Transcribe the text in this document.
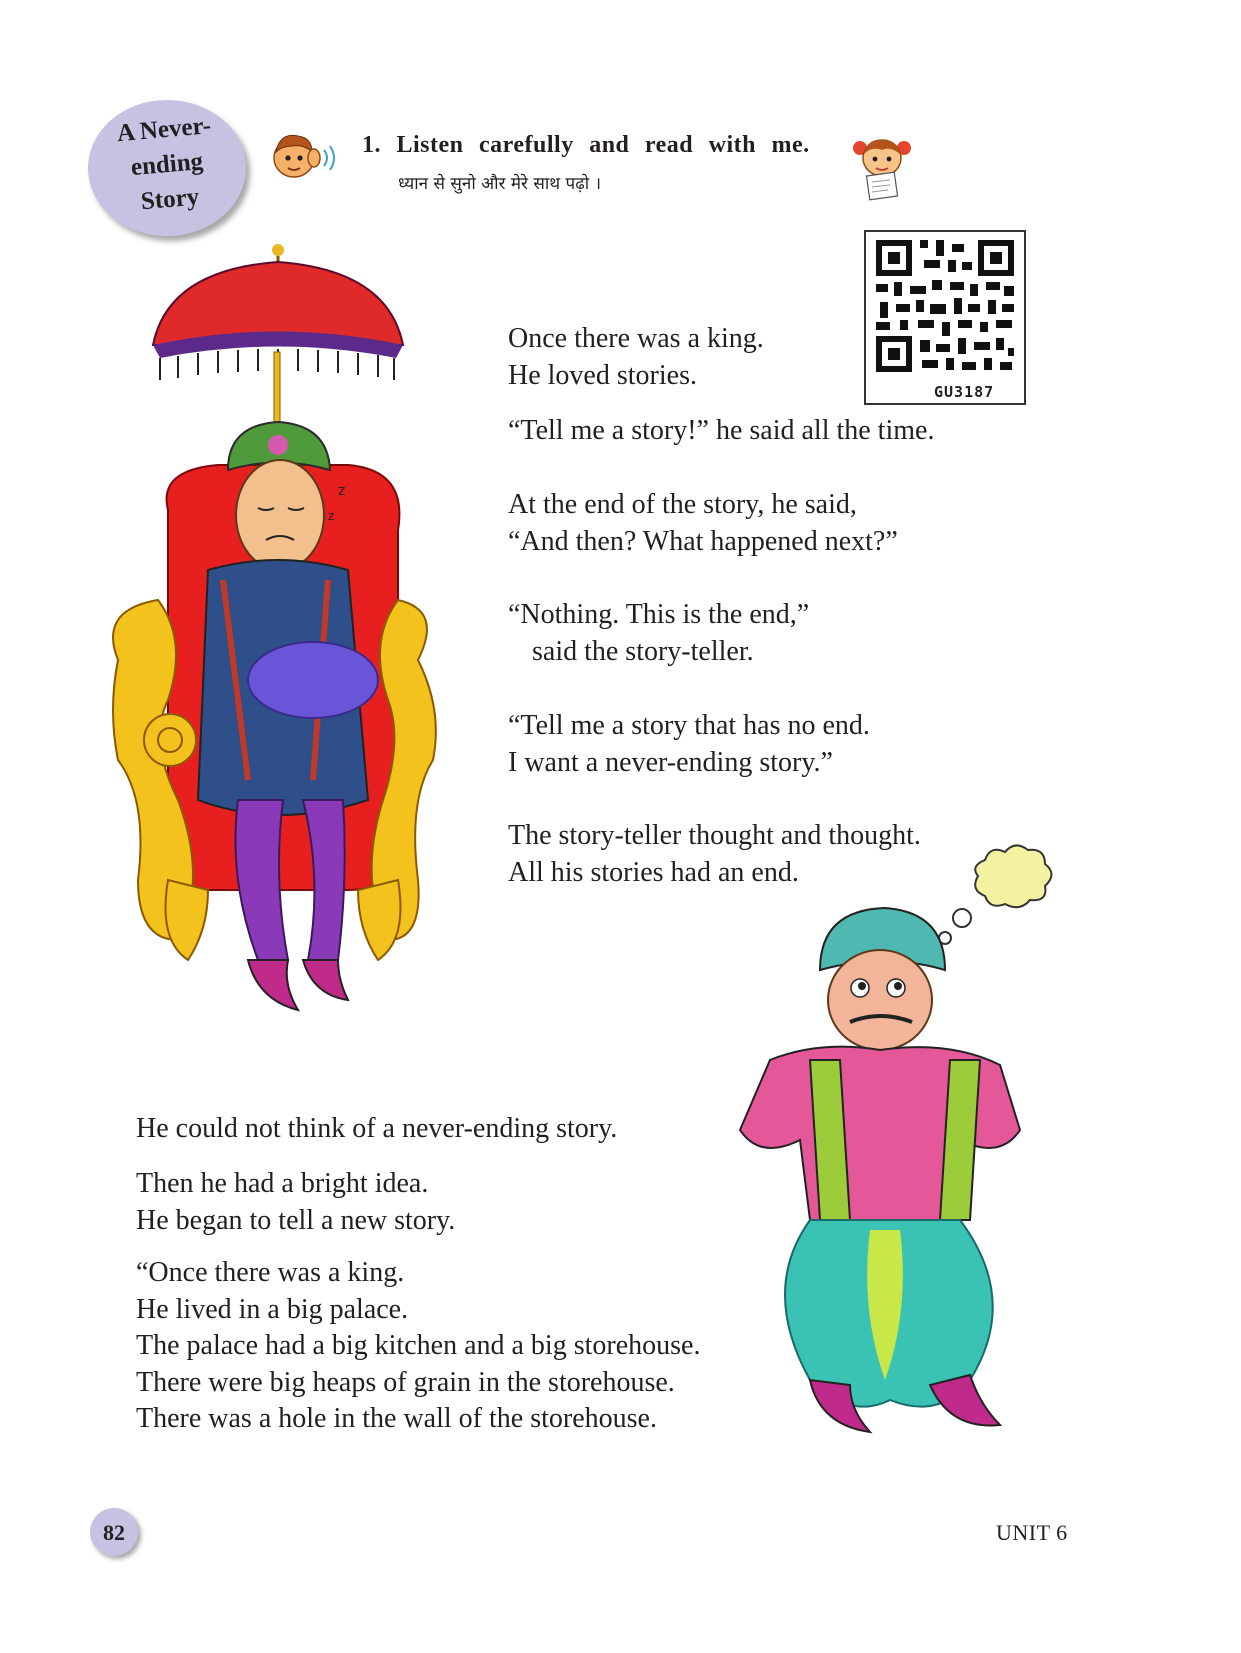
A Never-
ending
Story
1. Listen carefully and read with me.
ध्यान से सुनो और मेरे साथ पढ़ो ।
GU3187
z
z
Once there was a king.
He loved stories.
“Tell me a story!” he said all the time.
At the end of the story, he said,
“And then? What happened next?”
“Nothing. This is the end,”
said the story-teller.
“Tell me a story that has no end.
I want a never-ending story.”
The story-teller thought and thought.
All his stories had an end.
He could not think of a never-ending story.
Then he had a bright idea.
He began to tell a new story.
“Once there was a king.
He lived in a big palace.
The palace had a big kitchen and a big storehouse.
There were big heaps of grain in the storehouse.
There was a hole in the wall of the storehouse.
82	UNIT 6
